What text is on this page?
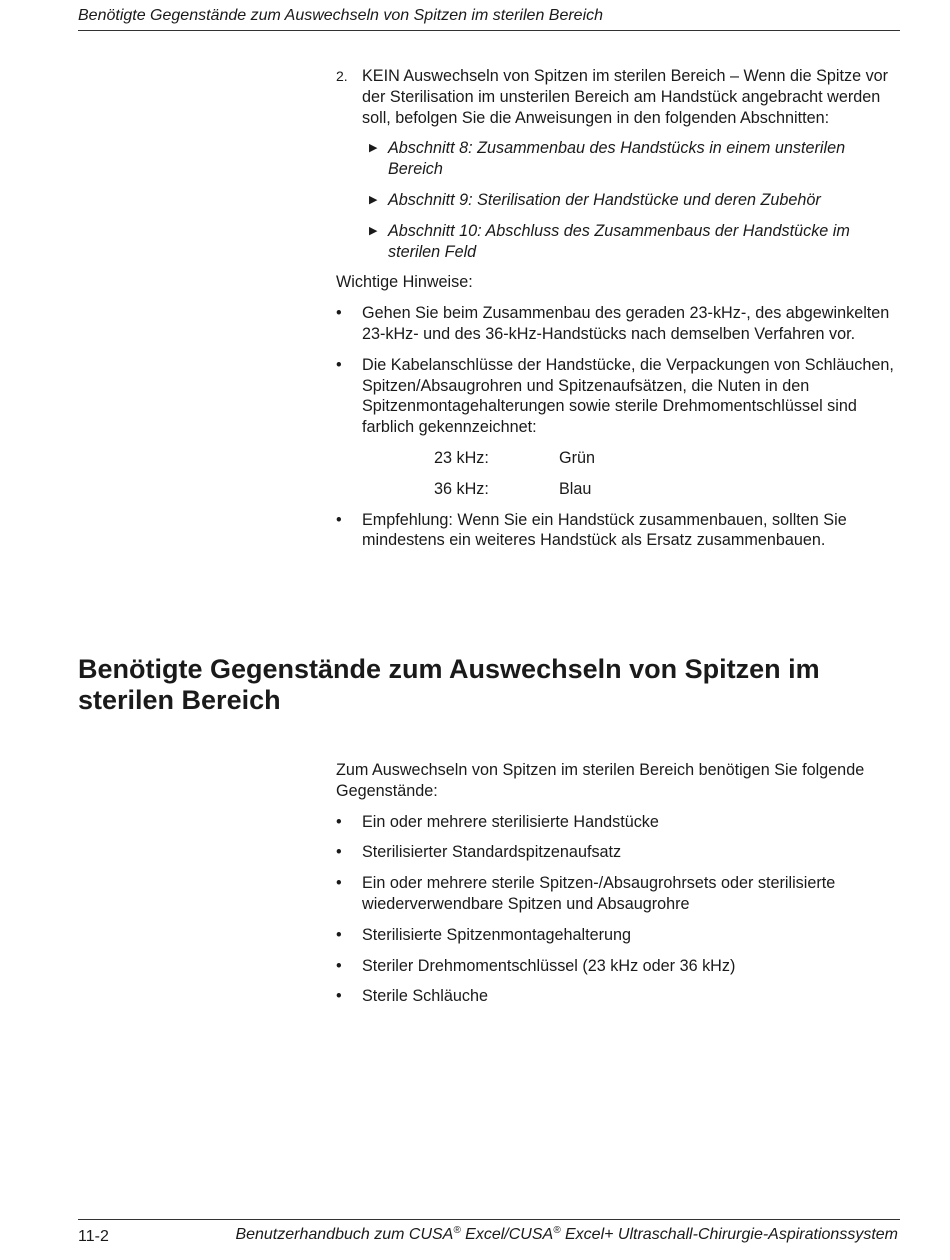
Benötigte Gegenstände zum Auswechseln von Spitzen im sterilen Bereich
2. KEIN Auswechseln von Spitzen im sterilen Bereich – Wenn die Spitze vor der Sterilisation im unsterilen Bereich am Handstück angebracht werden soll, befolgen Sie die Anweisungen in den folgenden Abschnitten:

▶ Abschnitt 8: Zusammenbau des Handstücks in einem unsterilen Bereich
▶ Abschnitt 9: Sterilisation der Handstücke und deren Zubehör
▶ Abschnitt 10: Abschluss des Zusammenbaus der Handstücke im sterilen Feld

Wichtige Hinweise:

• Gehen Sie beim Zusammenbau des geraden 23-kHz-, des abgewinkelten 23-kHz- und des 36-kHz-Handstücks nach demselben Verfahren vor.
• Die Kabelanschlüsse der Handstücke, die Verpackungen von Schläuchen, Spitzen/Absaugrohren und Spitzenaufsätzen, die Nuten in den Spitzenmontagehalterungen sowie sterile Drehmomentschlüssel sind farblich gekennzeichnet:
23 kHz:	Grün
36 kHz:	Blau
• Empfehlung: Wenn Sie ein Handstück zusammenbauen, sollten Sie mindestens ein weiteres Handstück als Ersatz zusammenbauen.
Benötigte Gegenstände zum Auswechseln von Spitzen im sterilen Bereich

Zum Auswechseln von Spitzen im sterilen Bereich benötigen Sie folgende Gegenstände:

• Ein oder mehrere sterilisierte Handstücke
• Sterilisierter Standardspitzenaufsatz
• Ein oder mehrere sterile Spitzen-/Absaugrohrsets oder sterilisierte wiederverwendbare Spitzen und Absaugrohre
• Sterilisierte Spitzenmontagehalterung
• Steriler Drehmomentschlüssel (23 kHz oder 36 kHz)
• Sterile Schläuche
11-2	Benutzerhandbuch zum CUSA® Excel/CUSA® Excel+ Ultraschall-Chirurgie-Aspirationssystem
